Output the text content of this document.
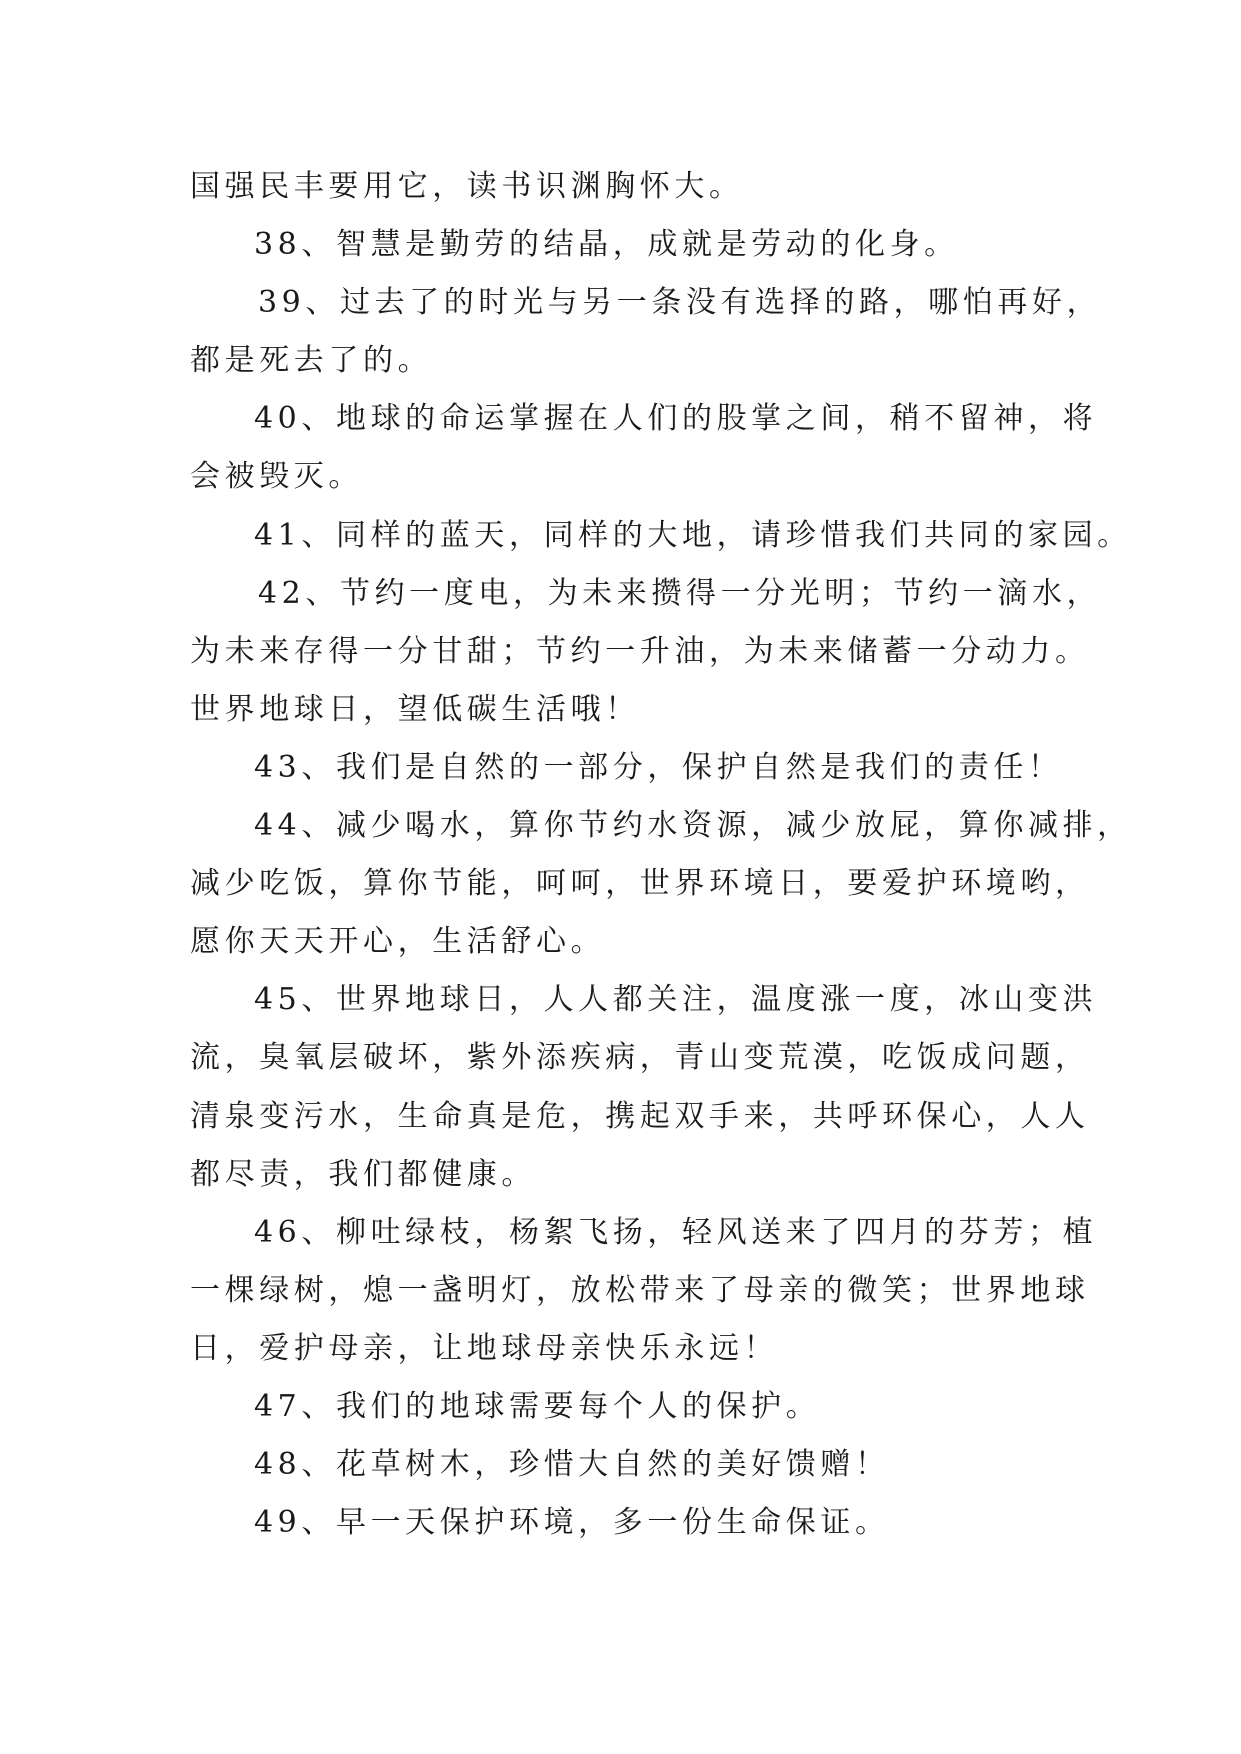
国强民丰要用它，读书识渊胸怀大。
38、智慧是勤劳的结晶，成就是劳动的化身。
39、过去了的时光与另一条没有选择的路，哪怕再好，
都是死去了的。
40、地球的命运掌握在人们的股掌之间，稍不留神，将
会被毁灭。
41、同样的蓝天，同样的大地，请珍惜我们共同的家园。
42、节约一度电，为未来攒得一分光明；节约一滴水，
为未来存得一分甘甜；节约一升油，为未来储蓄一分动力。
世界地球日，望低碳生活哦！
43、我们是自然的一部分，保护自然是我们的责任！
44、减少喝水，算你节约水资源，减少放屁，算你减排，
减少吃饭，算你节能，呵呵，世界环境日，要爱护环境哟，
愿你天天开心，生活舒心。
45、世界地球日，人人都关注，温度涨一度，冰山变洪
流，臭氧层破坏，紫外添疾病，青山变荒漠，吃饭成问题，
清泉变污水，生命真是危，携起双手来，共呼环保心，人人
都尽责，我们都健康。
46、柳吐绿枝，杨絮飞扬，轻风送来了四月的芬芳；植
一棵绿树，熄一盏明灯，放松带来了母亲的微笑；世界地球
日，爱护母亲，让地球母亲快乐永远！
47、我们的地球需要每个人的保护。
48、花草树木，珍惜大自然的美好馈赠！
49、早一天保护环境，多一份生命保证。
